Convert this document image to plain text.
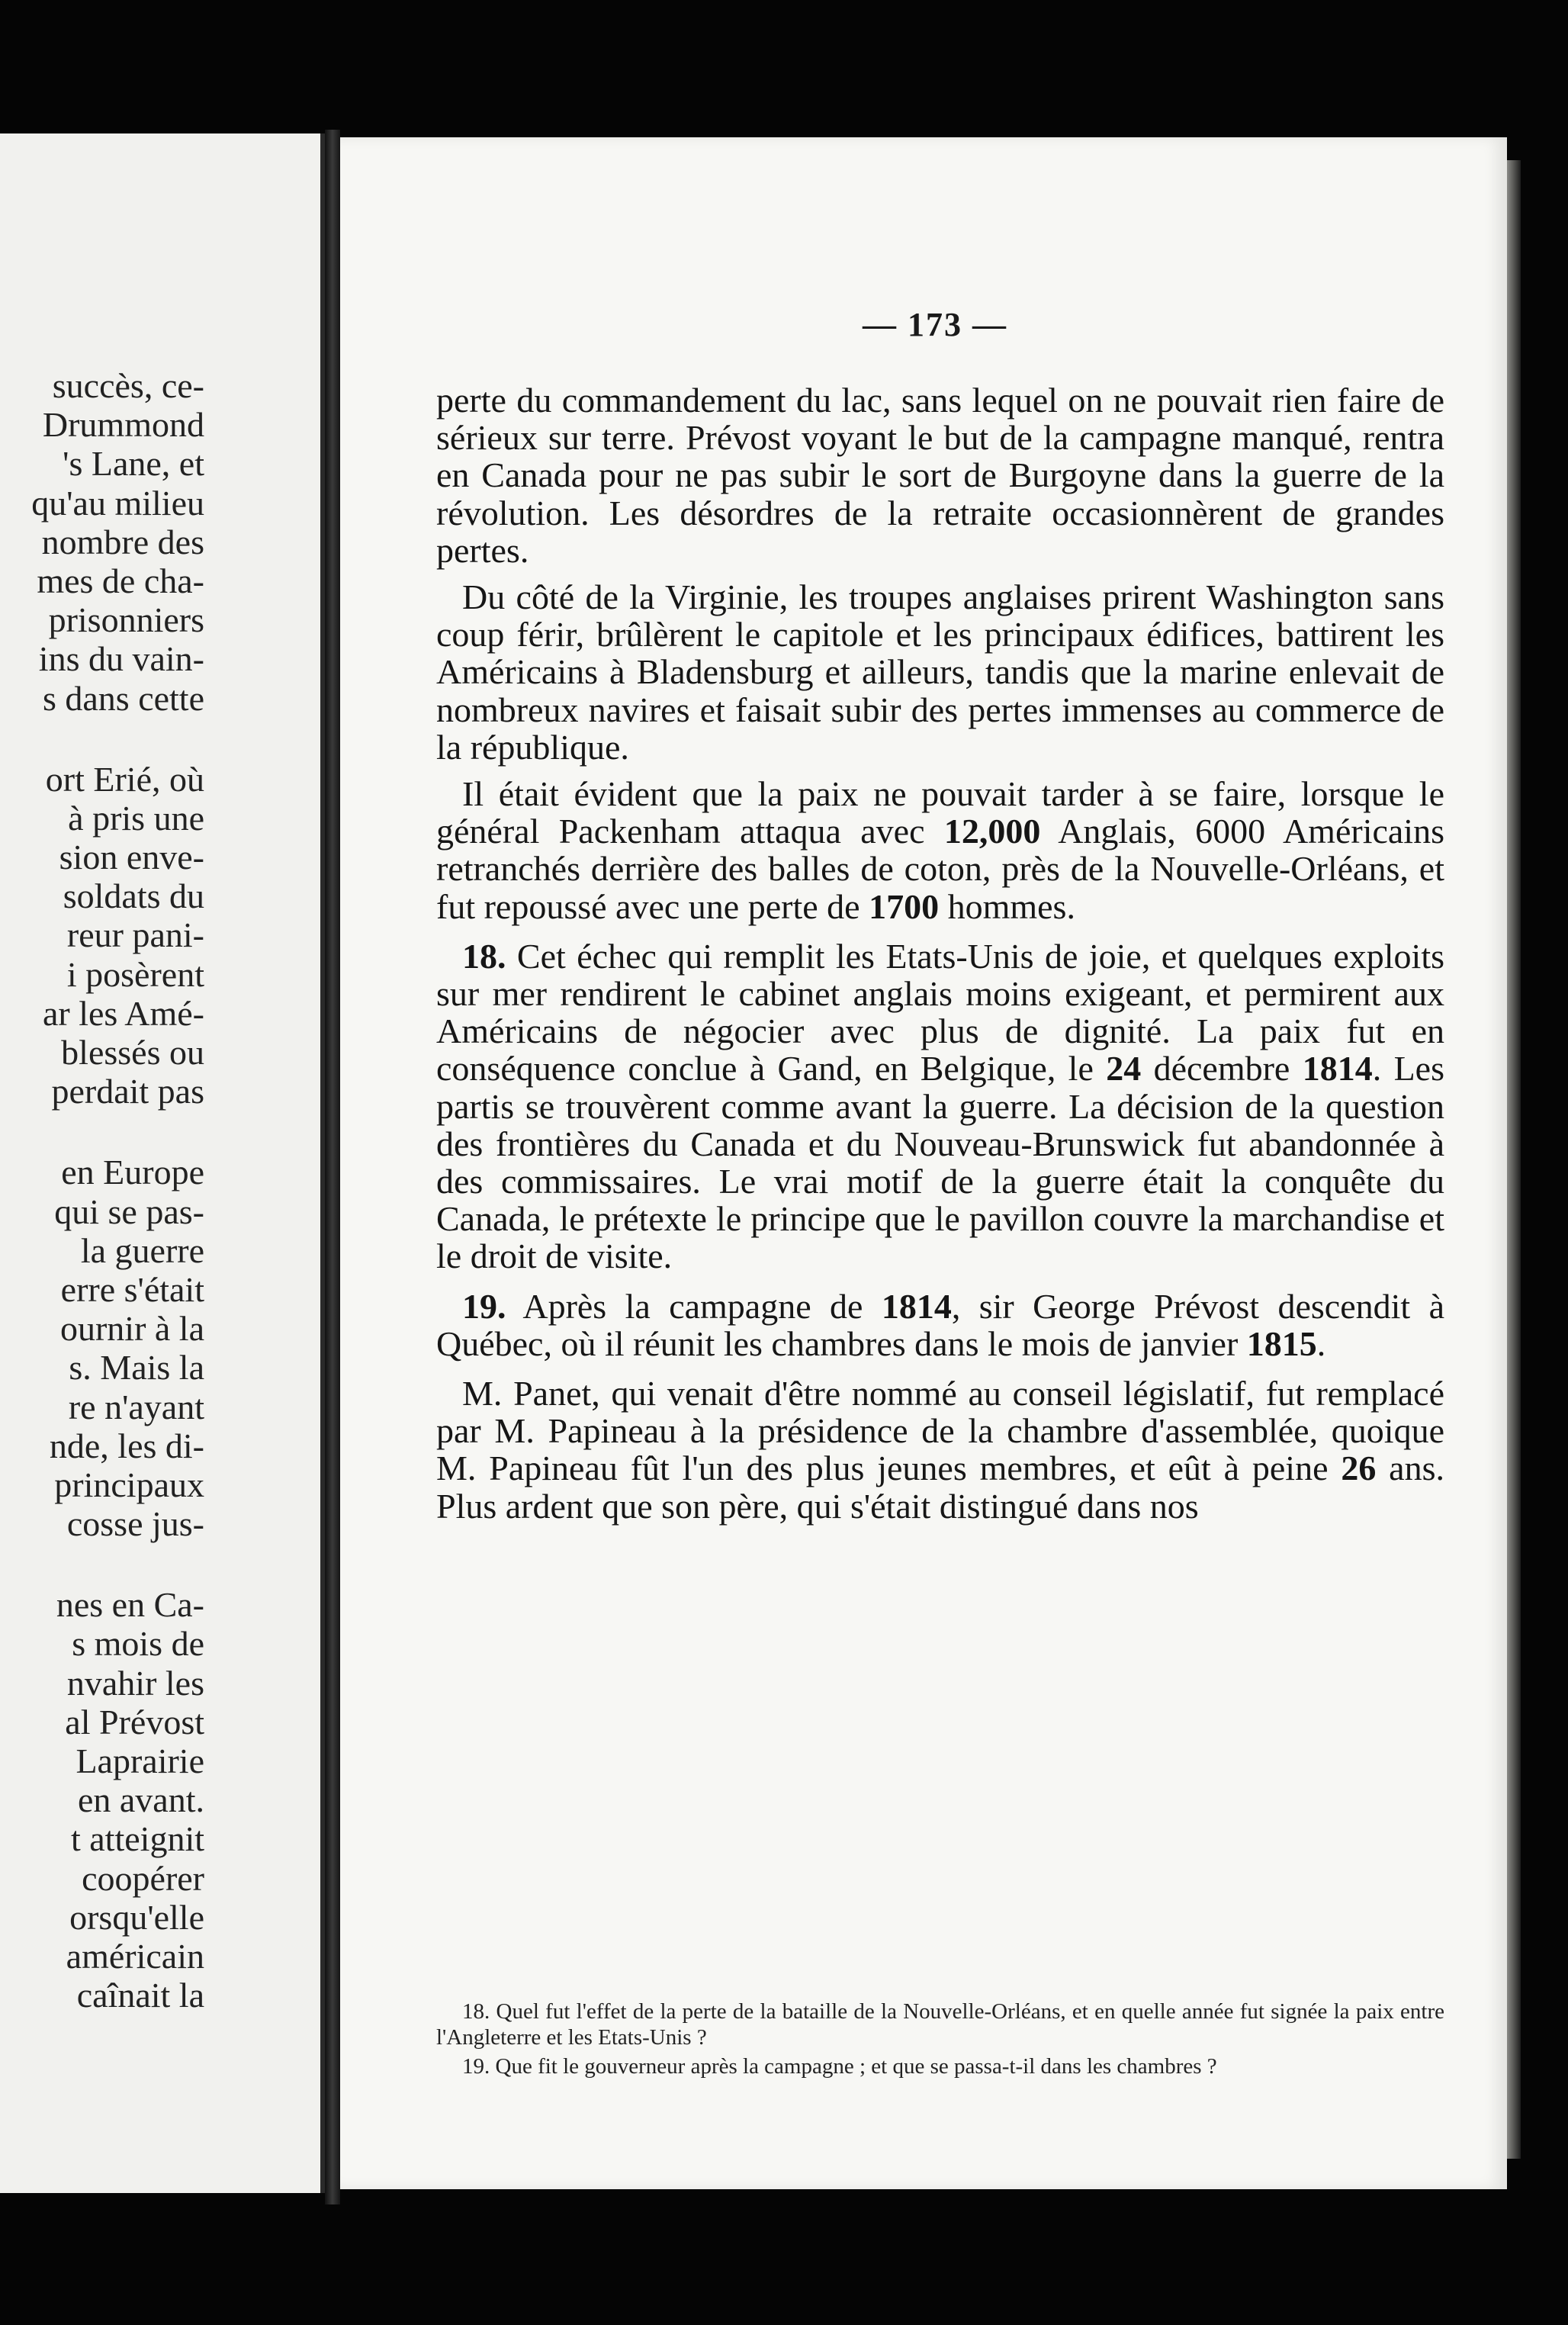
succès, ce-
Drummond
's Lane, et
qu'au milieu
nombre des
mes de cha-
prisonniers
ins du vain-
s dans cette
ort Erié, où
à pris une
sion enve-
soldats du
reur pani-
i posèrent
ar les Amé-
blessés ou
perdait pas
en Europe
qui se pas-
la guerre
erre s'était
ournir à la
s. Mais la
re n'ayant
nde, les di-
principaux
cosse jus-
nes en Ca-
s mois de
nvahir les
al Prévost
Laprairie
en avant.
t atteignit
coopérer
orsqu'elle
américain
caînait la
— 173 —

perte du commandement du lac, sans lequel on ne pouvait rien faire de sérieux sur terre. Prévost voyant le but de la campagne manqué, rentra en Canada pour ne pas subir le sort de Burgoyne dans la guerre de la révolution. Les désordres de la retraite occasionnèrent de grandes pertes.

Du côté de la Virginie, les troupes anglaises prirent Washington sans coup férir, brûlèrent le capitole et les principaux édifices, battirent les Américains à Bladensburg et ailleurs, tandis que la marine enlevait de nombreux navires et faisait subir des pertes immenses au commerce de la république.

Il était évident que la paix ne pouvait tarder à se faire, lorsque le général Packenham attaqua avec 12,000 Anglais, 6000 Américains retranchés derrière des balles de coton, près de la Nouvelle-Orléans, et fut repoussé avec une perte de 1700 hommes.

18. Cet échec qui remplit les Etats-Unis de joie, et quelques exploits sur mer rendirent le cabinet anglais moins exigeant, et permirent aux Américains de négocier avec plus de dignité. La paix fut en conséquence conclue à Gand, en Belgique, le 24 décembre 1814. Les partis se trouvèrent comme avant la guerre. La décision de la question des frontières du Canada et du Nouveau-Brunswick fut abandonnée à des commissaires. Le vrai motif de la guerre était la conquête du Canada, le prétexte le principe que le pavillon couvre la marchandise et le droit de visite.

19. Après la campagne de 1814, sir George Prévost descendit à Québec, où il réunit les chambres dans le mois de janvier 1815.

M. Panet, qui venait d'être nommé au conseil législatif, fut remplacé par M. Papineau à la présidence de la chambre d'assemblée, quoique M. Papineau fût l'un des plus jeunes membres, et eût à peine 26 ans. Plus ardent que son père, qui s'était distingué dans nos

18. Quel fut l'effet de la perte de la bataille de la Nouvelle-Orléans, et en quelle année fut signée la paix entre l'Angleterre et les Etats-Unis ?

19. Que fit le gouverneur après la campagne ; et que se passa-t-il dans les chambres ?
